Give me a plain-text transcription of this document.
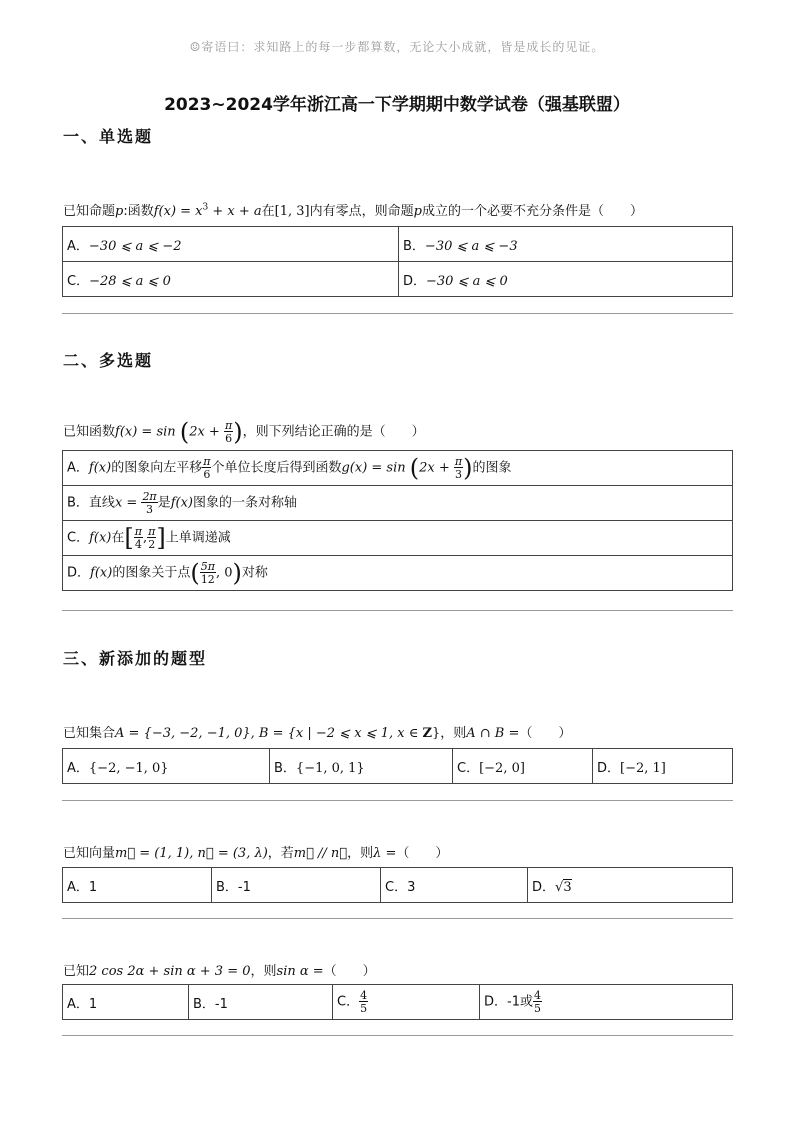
☺寄语曰：求知路上的每一步都算数，无论大小成就，皆是成长的见证。
2023~2024学年浙江高一下学期期中数学试卷（强基联盟）
一、单选题
已知命题p:函数$f(x) = x^3 + x + a$在[1, 3]内有零点，则命题p成立的一个必要不充分条件是（　　）
A．−30 ⩽ a ⩽ −2	B．−30 ⩽ a ⩽ −3
C．−28 ⩽ a ⩽ 0	D．−30 ⩽ a ⩽ 0
二、多选题
已知函数$f(x) = \sin (2x + \frac{\pi}{6}$ )，则下列结论正确的是（　　）
A．f(x)的图象向左平移 $\frac{\pi}{6}$ 个单位长度后得到函数$g(x) = \sin (2x + \frac{\pi}{3}$ )的图象
B．直线$x = \frac{2\pi}{3}$ 是f(x)图象的一条对称轴
C．f(x)在[ $\frac{\pi}{4}$ , $\frac{\pi}{2}$ ]上单调递减
D．f(x)的图象关于点( $\frac{5\pi}{12}$ , 0)对称
三、新添加的题型
已知集合A = {−3, −2, −1, 0}, B = {x | −2 ⩽ x ⩽ 1, x ∈ Z}，则A ∩ B =（　　）
A．{−2, −1, 0}	B．{−1, 0, 1}	C．[−2, 0]	D．[−2, 1]
已知向量m⃗ = (1, 1), n⃗ = (3, λ)，若m⃗ // n⃗，则λ =（　　）
A．1	B．-1	C．3	D．√3
已知2 cos 2α + sin α + 3 = 0，则sin α =（　　）
A．1	B．-1	C． $\frac{4}{5}$	D．-1或 $\frac{4}{5}$
